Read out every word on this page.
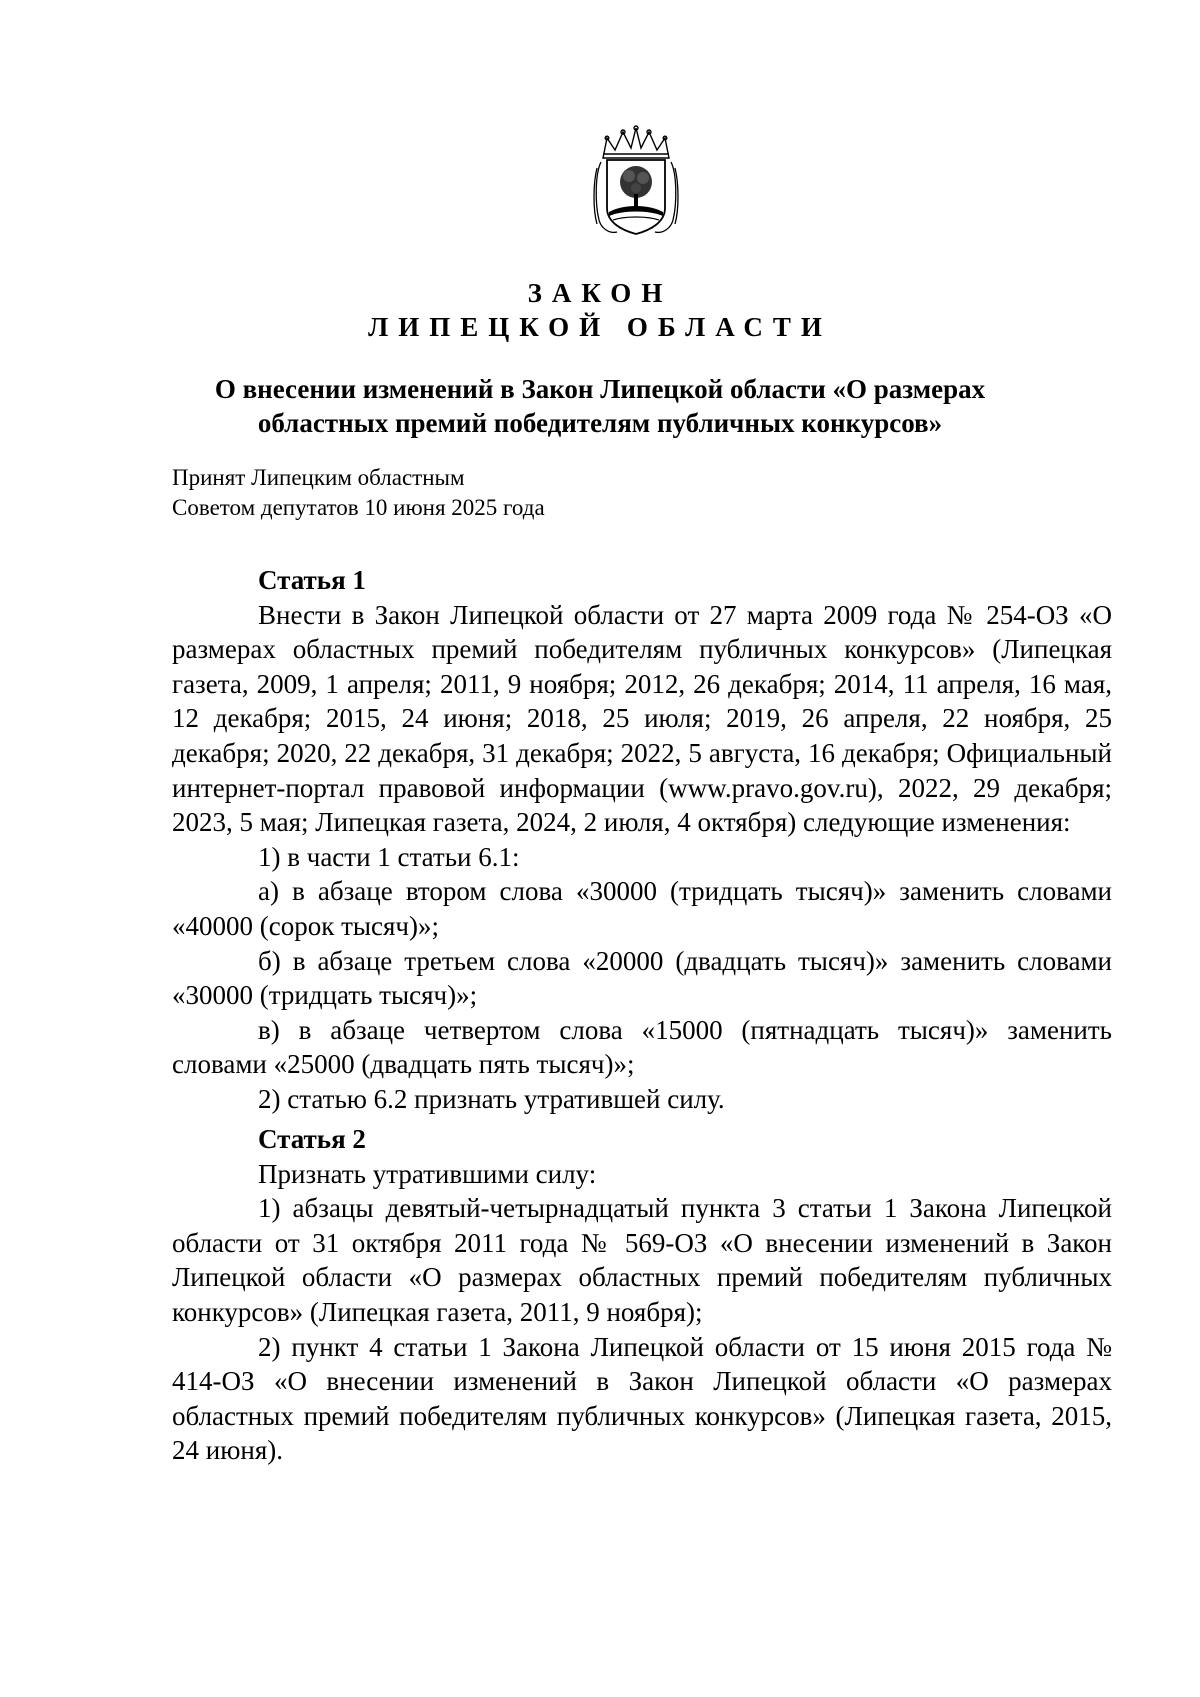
ЗАКОН
ЛИПЕЦКОЙ ОБЛАСТИ
О внесении изменений в Закон Липецкой области «О размерах
областных премий победителям публичных конкурсов»
Принят Липецким областным
Советом депутатов 10 июня 2025 года
Статья 1

Внести в Закон Липецкой области от 27 марта 2009 года № 254-ОЗ «О размерах областных премий победителям публичных конкурсов» (Липецкая газета, 2009, 1 апреля; 2011, 9 ноября; 2012, 26 декабря; 2014, 11 апреля, 16 мая, 12 декабря; 2015, 24 июня; 2018, 25 июля; 2019, 26 апреля, 22 ноября, 25 декабря; 2020, 22 декабря, 31 декабря; 2022, 5 августа, 16 декабря; Официальный интернет-портал правовой информации (www.pravo.gov.ru), 2022, 29 декабря; 2023, 5 мая; Липецкая газета, 2024, 2 июля, 4 октября) следующие изменения:

1) в части 1 статьи 6.1:

а) в абзаце втором слова «30000 (тридцать тысяч)» заменить словами «40000 (сорок тысяч)»;

б) в абзаце третьем слова «20000 (двадцать тысяч)» заменить словами «30000 (тридцать тысяч)»;

в) в абзаце четвертом слова «15000 (пятнадцать тысяч)» заменить словами «25000 (двадцать пять тысяч)»;

2) статью 6.2 признать утратившей силу.

Статья 2

Признать утратившими силу:

1) абзацы девятый-четырнадцатый пункта 3 статьи 1 Закона Липецкой области от 31 октября 2011 года № 569-ОЗ «О внесении изменений в Закон Липецкой области «О размерах областных премий победителям публичных конкурсов» (Липецкая газета, 2011, 9 ноября);

2) пункт 4 статьи 1 Закона Липецкой области от 15 июня 2015 года № 414-ОЗ «О внесении изменений в Закон Липецкой области «О размерах областных премий победителям публичных конкурсов» (Липецкая газета, 2015, 24 июня).
